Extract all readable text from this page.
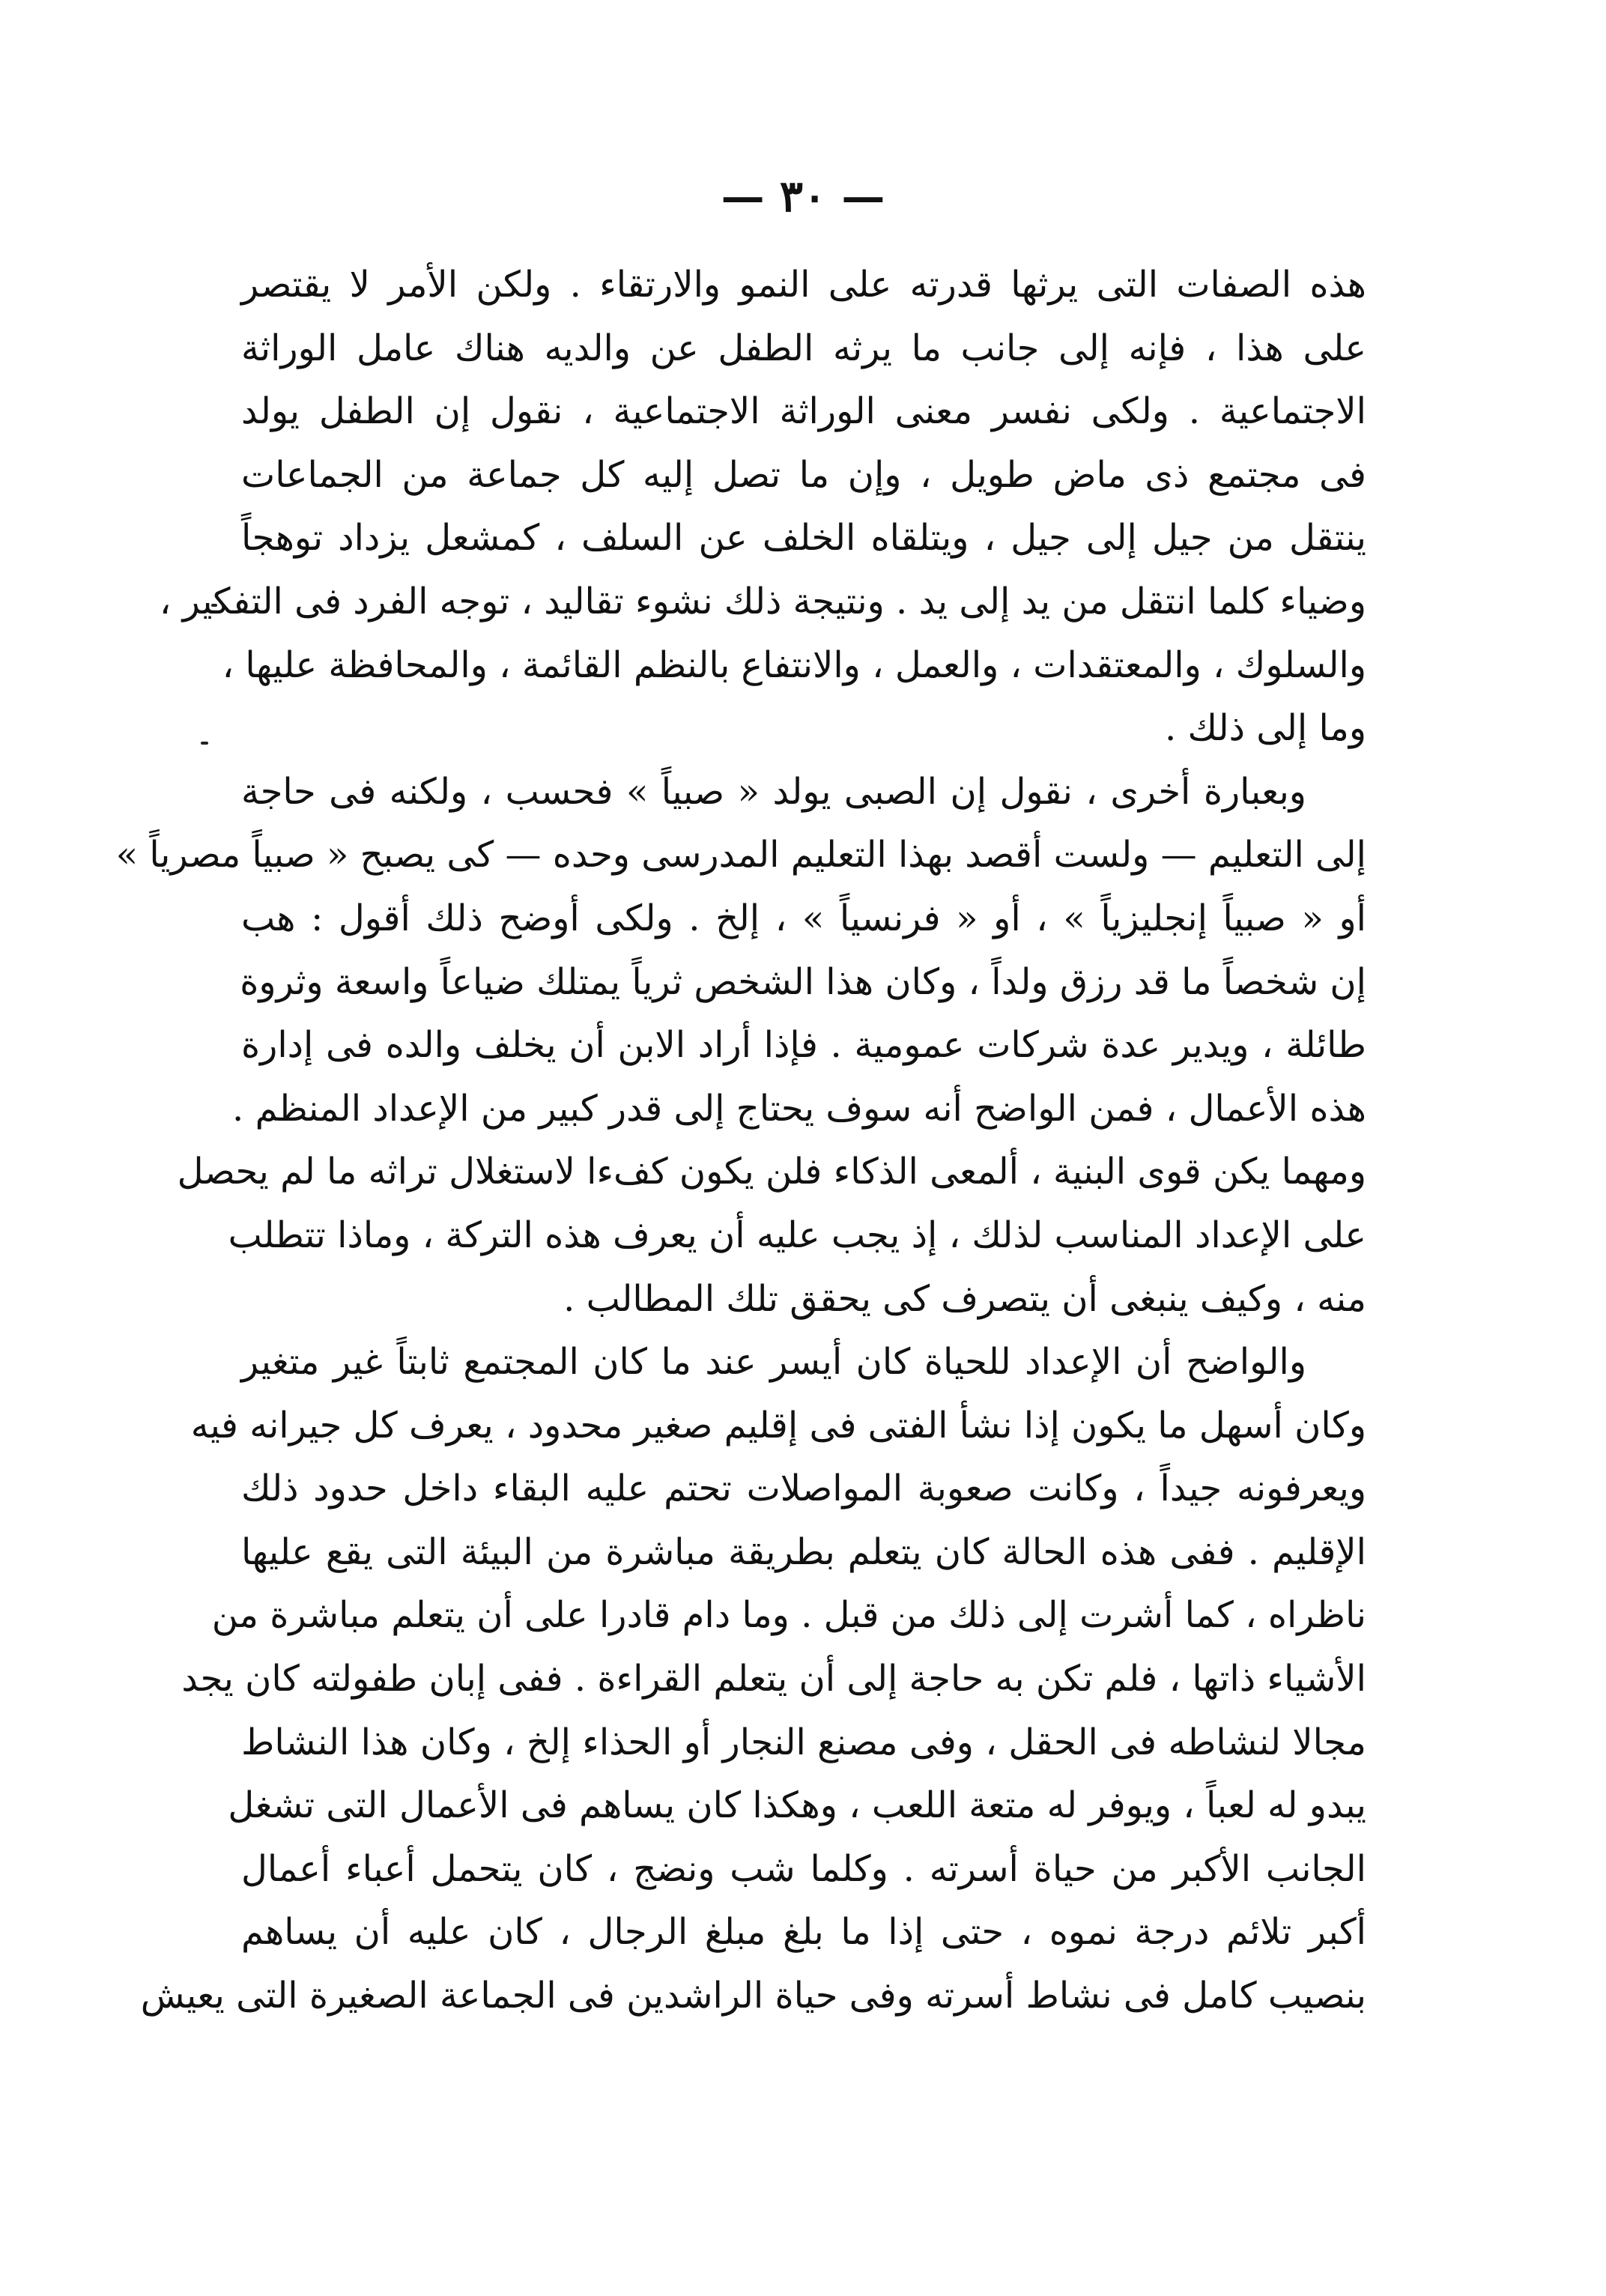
— ٣٠ —

هذه الصفات التى يرثها قدرته على النمو والارتقاء . ولكن الأمر لا يقتصر
على هذا ، فإنه إلى جانب ما يرثه الطفل عن والديه هناك عامل الوراثة
الاجتماعية . ولكى نفسر معنى الوراثة الاجتماعية ، نقول إن الطفل يولد
فى مجتمع ذى ماض طويل ، وإن ما تصل إليه كل جماعة من الجماعات
ينتقل من جيل إلى جيل ، ويتلقاه الخلف عن السلف ، كمشعل يزداد توهجاً
وضياء كلما انتقل من يد إلى يد . ونتيجة ذلك نشوء تقاليد ، توجه الفرد فى التفكير ،
والسلوك ، والمعتقدات ، والعمل ، والانتفاع بالنظم القائمة ، والمحافظة عليها ،
وما إلى ذلك .

وبعبارة أخرى ، نقول إن الصبى يولد « صبياً » فحسب ، ولكنه فى حاجة
إلى التعليم — ولست أقصد بهذا التعليم المدرسى وحده — كى يصبح « صبياً مصرياً »
أو « صبياً إنجليزياً » ، أو « فرنسياً » ، إلخ . ولكى أوضح ذلك أقول : هب
إن شخصاً ما قد رزق ولداً ، وكان هذا الشخص ثرياً يمتلك ضياعاً واسعة وثروة
طائلة ، ويدير عدة شركات عمومية . فإذا أراد الابن أن يخلف والده فى إدارة
هذه الأعمال ، فمن الواضح أنه سوف يحتاج إلى قدر كبير من الإعداد المنظم .
ومهما يكن قوى البنية ، ألمعى الذكاء فلن يكون كفءا لاستغلال تراثه ما لم يحصل
على الإعداد المناسب لذلك ، إذ يجب عليه أن يعرف هذه التركة ، وماذا تتطلب
منه ، وكيف ينبغى أن يتصرف كى يحقق تلك المطالب .

والواضح أن الإعداد للحياة كان أيسر عند ما كان المجتمع ثابتاً غير متغير
وكان أسهل ما يكون إذا نشأ الفتى فى إقليم صغير محدود ، يعرف كل جيرانه فيه
ويعرفونه جيداً ، وكانت صعوبة المواصلات تحتم عليه البقاء داخل حدود ذلك
الإقليم . ففى هذه الحالة كان يتعلم بطريقة مباشرة من البيئة التى يقع عليها
ناظراه ، كما أشرت إلى ذلك من قبل . وما دام قادرا على أن يتعلم مباشرة من
الأشياء ذاتها ، فلم تكن به حاجة إلى أن يتعلم القراءة . ففى إبان طفولته كان يجد
مجالا لنشاطه فى الحقل ، وفى مصنع النجار أو الحذاء إلخ ، وكان هذا النشاط
يبدو له لعباً ، ويوفر له متعة اللعب ، وهكذا كان يساهم فى الأعمال التى تشغل
الجانب الأكبر من حياة أسرته . وكلما شب ونضج ، كان يتحمل أعباء أعمال
أكبر تلائم درجة نموه ، حتى إذا ما بلغ مبلغ الرجال ، كان عليه أن يساهم
بنصيب كامل فى نشاط أسرته وفى حياة الراشدين فى الجماعة الصغيرة التى يعيش
